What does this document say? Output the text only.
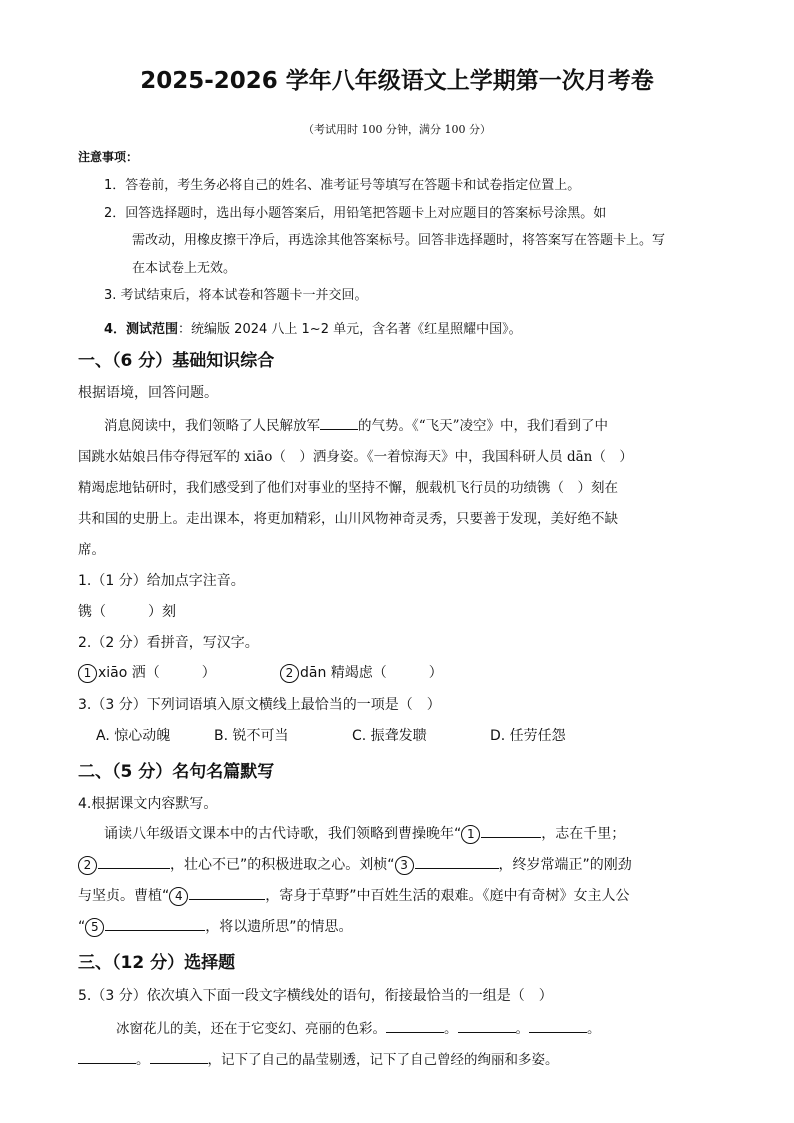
2025-2026 学年八年级语文上学期第一次月考卷
（考试用时 100 分钟，满分 100 分）
注意事项：
1．答卷前，考生务必将自己的姓名、准考证号等填写在答题卡和试卷指定位置上。
2．回答选择题时，选出每小题答案后，用铅笔把答题卡上对应题目的答案标号涂黑。如
需改动，用橡皮擦干净后，再选涂其他答案标号。回答非选择题时，将答案写在答题卡上。写
在本试卷上无效。
3. 考试结束后，将本试卷和答题卡一并交回。
4．测试范围：统编版 2024 八上 1~2 单元，含名著《红星照耀中国》。
一、（6 分）基础知识综合
根据语境，回答问题。
消息阅读中，我们领略了人民解放军	的气势。《“飞天”凌空》中，我们看到了中
国跳水姑娘吕伟夺得冠军的 xiāo（　）洒身姿。《一着惊海天》中，我国科研人员 dān（　）
精竭虑地钻研时，我们感受到了他们对事业的坚持不懈，舰载机飞行员的功绩镌（　）刻在
共和国的史册上。走出课本，将更加精彩，山川风物神奇灵秀，只要善于发现，美好绝不缺
席。
1.（1 分）给加点字注音。
镌（　　　）刻
2.（2 分）看拼音，写汉字。
1 xiāo 洒（　　　）	2 dān 精竭虑（　　　）
3.（3 分）下列词语填入原文横线上最恰当的一项是（　）
A. 惊心动魄	B. 锐不可当	C. 振聋发聩	D. 任劳任怨
二、（5 分）名句名篇默写
4.根据课文内容默写。
诵读八年级语文课本中的古代诗歌，我们领略到曹操晚年“ 1	，志在千里；
2	，壮心不已”的积极进取之心。刘桢“ 3	，终岁常端正”的刚劲
与坚贞。曹植“ 4	，寄身于草野”中百姓生活的艰难。《庭中有奇树》女主人公
“ 5	，将以遗所思”的情思。
三、（12 分）选择题
5.（3 分）依次填入下面一段文字横线处的语句，衔接最恰当的一组是（　）
冰窗花儿的美，还在于它变幻、亮丽的色彩。	。	。	。
。	，记下了自己的晶莹剔透，记下了自己曾经的绚丽和多姿。
